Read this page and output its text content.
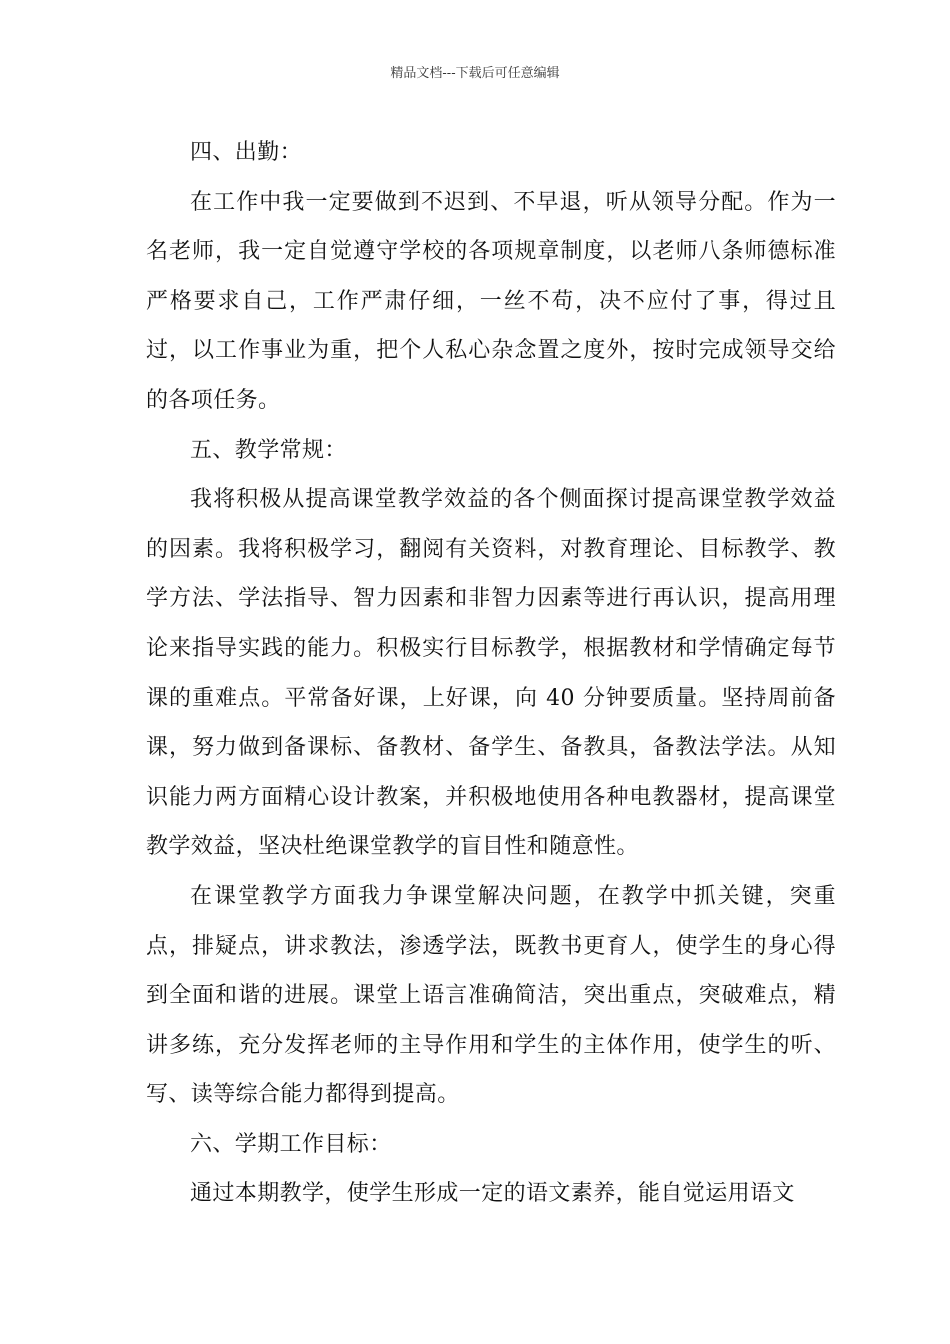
精品文档---下载后可任意编辑

四、出勤：

在工作中我一定要做到不迟到、不早退，听从领导分配。作为一名老师，我一定自觉遵守学校的各项规章制度，以老师八条师德标准严格要求自己，工作严肃仔细，一丝不苟，决不应付了事，得过且过，以工作事业为重，把个人私心杂念置之度外，按时完成领导交给的各项任务。

五、教学常规：

我将积极从提高课堂教学效益的各个侧面探讨提高课堂教学效益的因素。我将积极学习，翻阅有关资料，对教育理论、目标教学、教学方法、学法指导、智力因素和非智力因素等进行再认识，提高用理论来指导实践的能力。积极实行目标教学，根据教材和学情确定每节课的重难点。平常备好课，上好课，向 40 分钟要质量。坚持周前备课，努力做到备课标、备教材、备学生、备教具，备教法学法。从知识能力两方面精心设计教案，并积极地使用各种电教器材，提高课堂教学效益，坚决杜绝课堂教学的盲目性和随意性。

在课堂教学方面我力争课堂解决问题，在教学中抓关键，突重点，排疑点，讲求教法，渗透学法，既教书更育人，使学生的身心得到全面和谐的进展。课堂上语言准确简洁，突出重点，突破难点，精讲多练，充分发挥老师的主导作用和学生的主体作用，使学生的听、写、读等综合能力都得到提高。

六、学期工作目标：

通过本期教学，使学生形成一定的语文素养，能自觉运用语文
